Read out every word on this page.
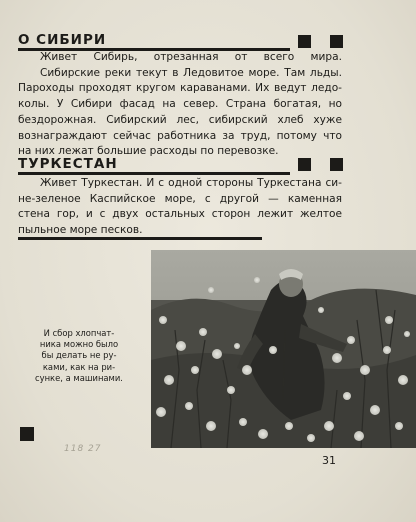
О СИБИРИ

Живет Сибирь, отрезанная от всего мира.
Сибирские реки текут в Ледовитое море. Там льды.
Пароходы проходят кругом караванами. Их ведут ледо-
колы. У Сибири фасад на север. Страна богатая, но
бездорожная. Сибирский лес, сибирский хлеб хуже
вознаграждают сейчас работника за труд, потому что
на них лежат большие расходы по перевозке.

ТУРКЕСТАН

Живет Туркестан. И с одной стороны Туркестана си-
не-зеленое Каспийское море, с другой — каменная
стена гор, и с двух остальных сторон лежит желтое
пыльное море песков.

И сбор хлопчат-
ника можно было
бы делать не ру-
ками, как на ри-
сунке, а машинами.
118 27
31
